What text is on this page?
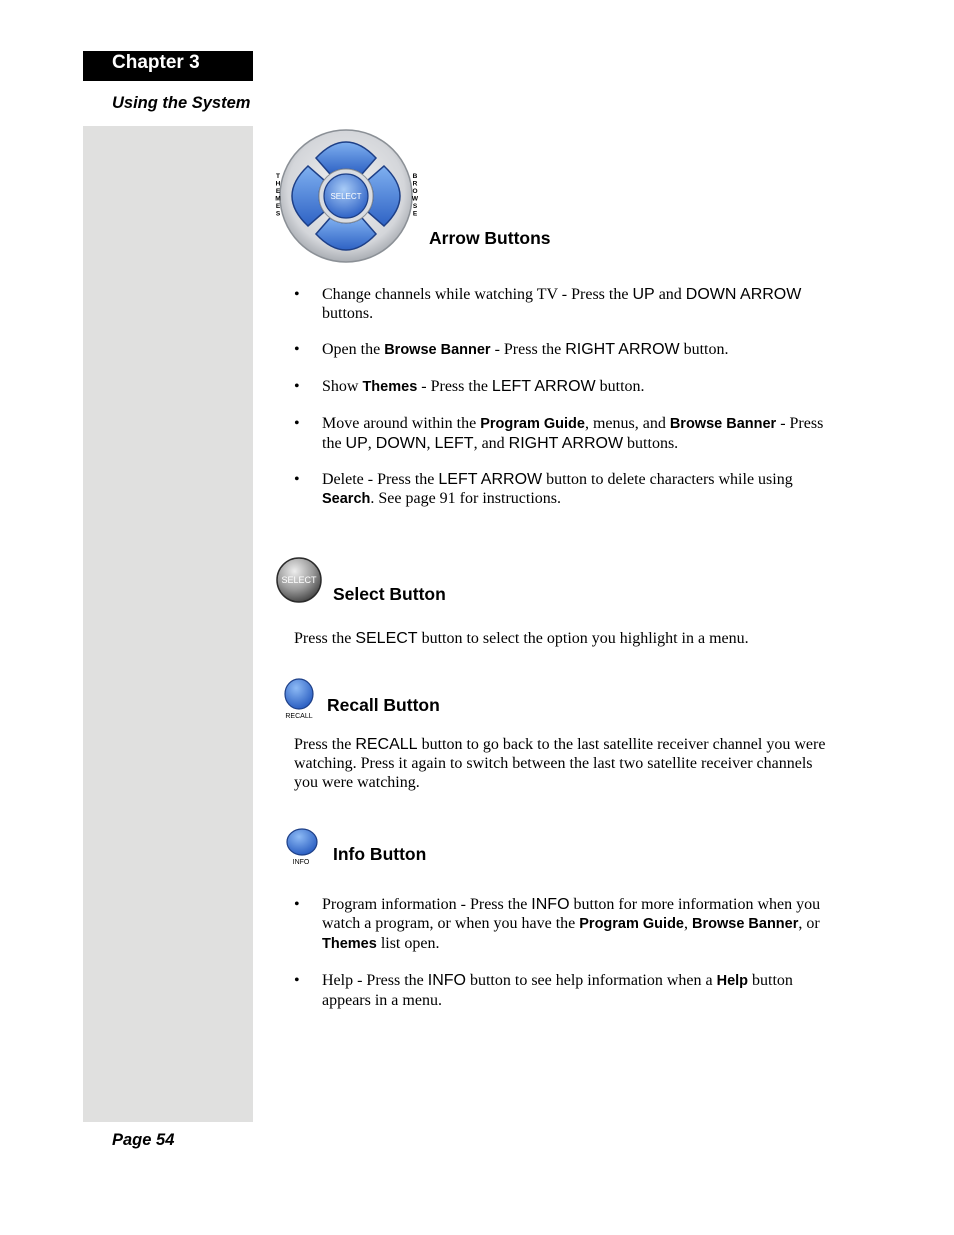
Chapter 3
Using the System
SELECT
T H E M E S
B R O W S E
Arrow Buttons
• Change channels while watching TV - Press the UP and DOWN ARROW buttons.
• Open the Browse Banner - Press the RIGHT ARROW button.
• Show Themes - Press the LEFT ARROW button.
• Move around within the Program Guide, menus, and Browse Banner - Press the UP, DOWN, LEFT, and RIGHT ARROW buttons.
• Delete - Press the LEFT ARROW button to delete characters while using Search. See page 91 for instructions.
SELECT
Select Button
Press the SELECT button to select the option you highlight in a menu.
RECALL
Recall Button
Press the RECALL button to go back to the last satellite receiver channel you were watching. Press it again to switch between the last two satellite receiver channels you were watching.
INFO Info Button
• Program information - Press the INFO button for more information when you watch a program, or when you have the Program Guide, Browse Banner, or Themes list open.
• Help - Press the INFO button to see help information when a Help button appears in a menu.
Page 54
